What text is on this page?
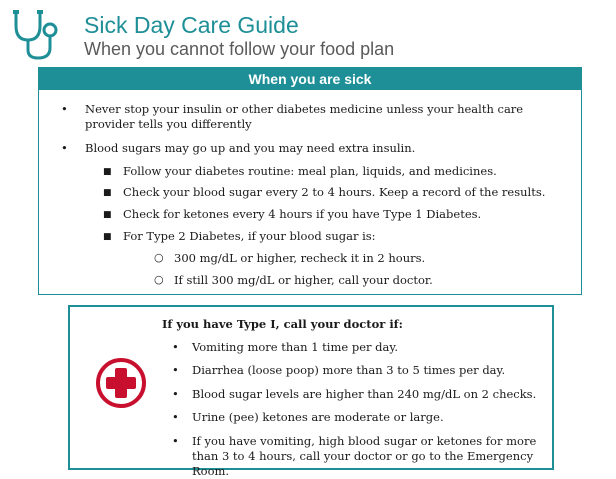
Sick Day Care Guide
When you cannot follow your food plan
When you are sick
• Never stop your insulin or other diabetes medicine unless your health care provider tells you differently
• Blood sugars may go up and you may need extra insulin.
■ Follow your diabetes routine: meal plan, liquids, and medicines.
■ Check your blood sugar every 2 to 4 hours. Keep a record of the results.
■ Check for ketones every 4 hours if you have Type 1 Diabetes.
■ For Type 2 Diabetes, if your blood sugar is:
○ 300 mg/dL or higher, recheck it in 2 hours.
○ If still 300 mg/dL or higher, call your doctor.
If you have Type I, call your doctor if:
• Vomiting more than 1 time per day.
• Diarrhea (loose poop) more than 3 to 5 times per day.
• Blood sugar levels are higher than 240 mg/dL on 2 checks.
• Urine (pee) ketones are moderate or large.
• If you have vomiting, high blood sugar or ketones for more than 3 to 4 hours, call your doctor or go to the Emergency Room.
